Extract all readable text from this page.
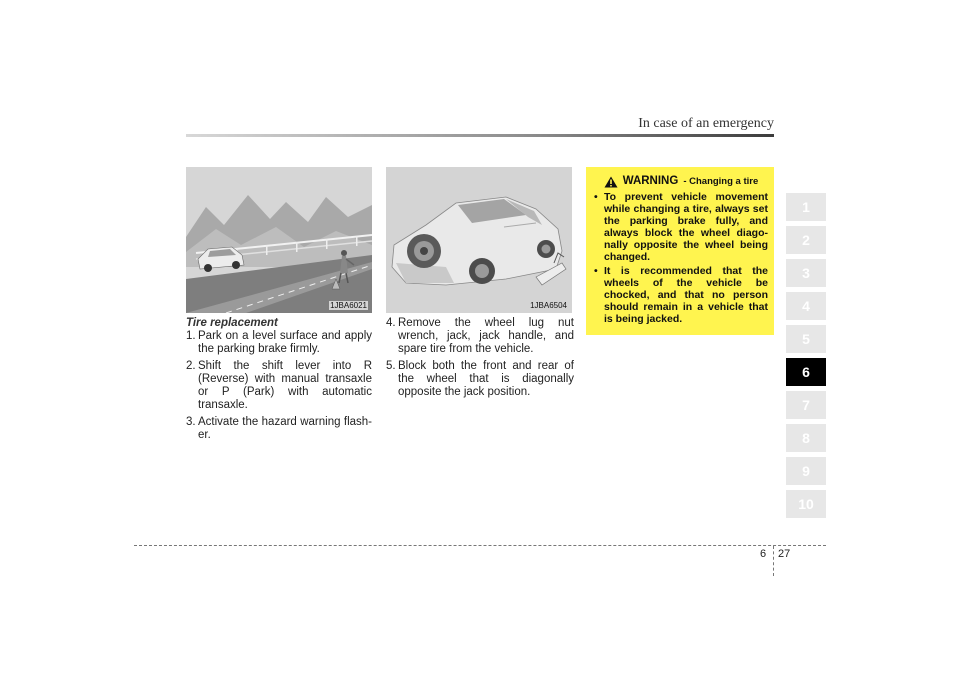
In case of an emergency
1JBA6021	1JBA6504
Tire replacement
1. Park on a level surface and apply the parking brake firmly.
2. Shift the shift lever into R (Reverse) with manual transaxle or P (Park) with automatic transaxle.
3. Activate the hazard warning flash-er.
4. Remove the wheel lug nut wrench, jack, jack handle, and spare tire from the vehicle.
5. Block both the front and rear of the wheel that is diagonally opposite the jack position.
WARNING - Changing a tire
• To prevent vehicle movement while changing a tire, always set the parking brake fully, and always block the wheel diago-nally opposite the wheel being changed.
• It is recommended that the wheels of the vehicle be chocked, and that no person should remain in a vehicle that is being jacked.
1
2
3
4
5
6
7
8
9
10
6 27
